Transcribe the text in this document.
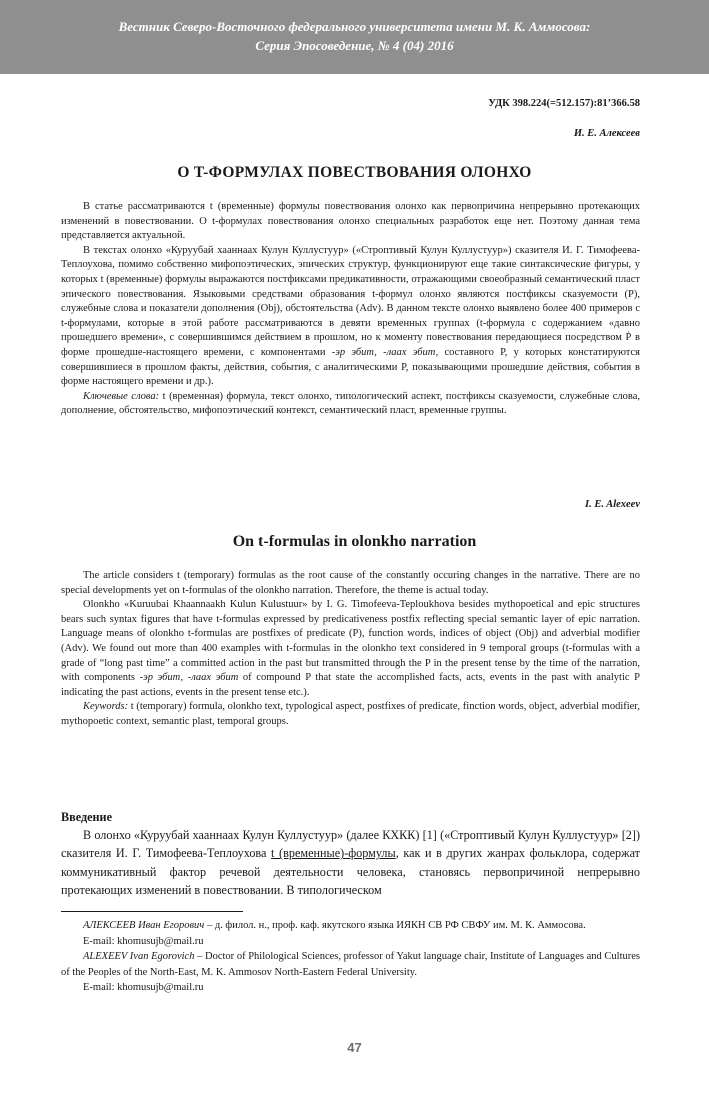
Вестник Северо-Восточного федерального университета имени М. К. Аммосова:
Серия Эпосоведение, № 4 (04) 2016
УДК 398.224(=512.157):81’366.58
И. Е. Алексеев
О T-ФОРМУЛАХ ПОВЕСТВОВАНИЯ ОЛОНХО

В статье рассматриваются t (временные) формулы повествования олонхо как первопричина непрерывно протекающих изменений в повествовании. О t-формулах повествования олонхо специальных разработок еще нет. Поэтому данная тема представляется актуальной.

В текстах олонхо «Куруубай хааннаах Кулун Куллустуур» («Строптивый Кулун Куллустуур») сказителя И. Г. Тимофеева-Теплоухова, помимо собственно мифопоэтических, эпических структур, функционируют еще такие синтаксические фигуры, у которых t (временные) формулы выражаются постфиксами предикативности, отражающими своеобразный семантический пласт эпического повествования. Языковыми средствами образования t-формул олонхо являются постфиксы сказуемости (P), служебные слова и показатели дополнения (Obj), обстоятельства (Adv). В данном тексте олонхо выявлено более 400 примеров с t-формулами, которые в этой работе рассматриваются в девяти временных группах (t-формула с содержанием «давно прошедшего времени», с совершившимся действием в прошлом, но к моменту повествования передающиеся посредством Ṗ в форме прошедше-настоящего времени, с компонентами -эр эбит, -лаах эбит, составного P, у которых констатируются совершившиеся в прошлом факты, действия, события, с аналитическими P, показывающими прошедшие действия, события в форме настоящего времени и др.).

Ключевые слова: t (временная) формула, текст олонхо, типологический аспект, постфиксы сказуемости, служебные слова, дополнение, обстоятельство, мифопоэтический контекст, семантический пласт, временные группы.

I. E. Alexeev
On t-formulas in olonkho narration

The article considers t (temporary) formulas as the root cause of the constantly occuring changes in the narrative. There are no special developments yet on t-formulas of the olonkho narration. Therefore, the theme is actual today.

Olonkho «Kuruubai Khaannaakh Kulun Kulustuur» by I. G. Timofeeva-Teploukhova besides mythopoetical and epic structures bears such syntax figures that have t-formulas expressed by predicativeness postfix reflecting special semantic layer of epic narration. Language means of olonkho t-formulas are postfixes of predicate (P), function words, indices of object (Obj) and adverbial modifier (Adv). We found out more than 400 examples with t-formulas in the olonkho text considered in 9 temporal groups (t-formulas with a grade of “long past time” a committed action in the past but transmitted through the P in the present tense by the time of the narration, with components -эр эбит, -лаах эбит of compound P that state the accomplished facts, acts, events in the past with analytic P indicating the past actions, events in the present tense etc.).

Keywords: t (temporary) formula, olonkho text, typological aspect, postfixes of predicate, finction words, object, adverbial modifier, mythopoetic context, semantic plast, temporal groups.

Введение

В олонхо «Куруубай хааннаах Кулун Куллустуур» (далее КХКК) [1] («Строптивый Кулун Куллустуур» [2]) сказителя И. Г. Тимофеева-Теплоухова t (временные)-формулы, как и в других жанрах фольклора, содержат коммуникативный фактор речевой деятельности человека, становясь первопричиной непрерывно протекающих изменений в повествовании. В типологическом

АЛЕКСЕЕВ Иван Егорович – д. филол. н., проф. каф. якутского языка ИЯКН СВ РФ СВФУ им. М. К. Аммосова.

E-mail: khomusujb@mail.ru

ALEXEEV Ivan Egorovich – Doctor of Philological Sciences, professor of Yakut language chair, Institute of Languages and Cultures of the Peoples of the North-East, M. K. Ammosov North-Eastern Federal University.

E-mail: khomusujb@mail.ru

47
